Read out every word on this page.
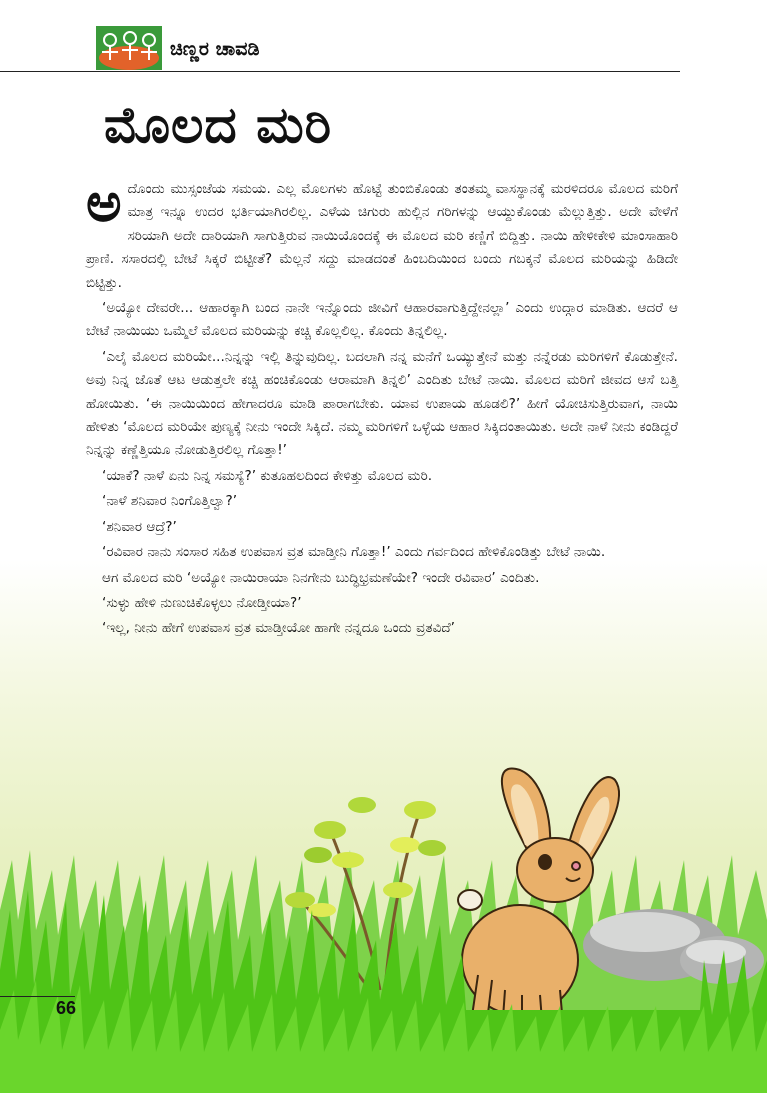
ಚಿಣ್ಣರ ಚಾವಡಿ
ಮೊಲದ ಮರಿ

ಅದೊಂದು ಮುಸ್ಸಂಜೆಯ ಸಮಯ. ಎಲ್ಲ ಮೊಲಗಳು ಹೊಟ್ಟೆ ತುಂಬಿಕೊಂಡು ತಂತಮ್ಮ ವಾಸಸ್ಥಾನಕ್ಕೆ ಮರಳಿದರೂ ಮೊಲದ ಮರಿಗೆ ಮಾತ್ರ ಇನ್ನೂ ಉದರ ಭರ್ತಿಯಾಗಿರಲಿಲ್ಲ. ಎಳೆಯ ಚಿಗುರು ಹುಲ್ಲಿನ ಗರಿಗಳನ್ನು ಆಯ್ದುಕೊಂಡು ಮೆಲ್ಲುತ್ತಿತ್ತು. ಅದೇ ವೇಳೆಗೆ ಸರಿಯಾಗಿ ಅದೇ ದಾರಿಯಾಗಿ ಸಾಗುತ್ತಿರುವ ನಾಯಿಯೊಂದಕ್ಕೆ ಈ ಮೊಲದ ಮರಿ ಕಣ್ಣಿಗೆ ಬಿದ್ದಿತ್ತು. ನಾಯಿ ಹೇಳೀಕೇಳಿ ಮಾಂಸಾಹಾರಿ ಪ್ರಾಣಿ. ಸಸಾರದಲ್ಲಿ ಬೇಟೆ ಸಿಕ್ಕರೆ ಬಿಟ್ಟೀತೆ? ಮೆಲ್ಲನೆ ಸದ್ದು ಮಾಡದಂತೆ ಹಿಂಬದಿಯಿಂದ ಬಂದು ಗಬಕ್ಕನೆ ಮೊಲದ ಮರಿಯನ್ನು ಹಿಡಿದೇ ಬಿಟ್ಟಿತ್ತು.

‘ಅಯ್ಯೋ ದೇವರೇ... ಆಹಾರಕ್ಕಾಗಿ ಬಂದ ನಾನೇ ಇನ್ನೊಂದು ಜೀವಿಗೆ ಆಹಾರವಾಗುತ್ತಿದ್ದೇನಲ್ಲಾ’ ಎಂದು ಉದ್ಗಾರ ಮಾಡಿತು. ಆದರೆ ಆ ಬೇಟೆ ನಾಯಿಯು ಒಮ್ಮೆಲೆ ಮೊಲದ ಮರಿಯನ್ನು ಕಚ್ಚಿ ಕೊಲ್ಲಲಿಲ್ಲ. ಕೊಂದು ತಿನ್ನಲಿಲ್ಲ.

‘ಎಲೈ ಮೊಲದ ಮರಿಯೇ...ನಿನ್ನನ್ನು ಇಲ್ಲಿ ತಿನ್ನುವುದಿಲ್ಲ. ಬದಲಾಗಿ ನನ್ನ ಮನೆಗೆ ಒಯ್ಯುತ್ತೇನೆ ಮತ್ತು ನನ್ನೆರಡು ಮರಿಗಳಿಗೆ ಕೊಡುತ್ತೇನೆ. ಅವು ನಿನ್ನ ಜೊತೆ ಆಟ ಆಡುತ್ತಲೇ ಕಚ್ಚಿ ಹಂಚಿಕೊಂಡು ಆರಾಮಾಗಿ ತಿನ್ನಲಿ’ ಎಂದಿತು ಬೇಟೆ ನಾಯಿ. ಮೊಲದ ಮರಿಗೆ ಜೀವದ ಆಸೆ ಬತ್ತಿ ಹೋಯಿತು. ‘ಈ ನಾಯಿಯಿಂದ ಹೇಗಾದರೂ ಮಾಡಿ ಪಾರಾಗಬೇಕು. ಯಾವ ಉಪಾಯ ಹೂಡಲಿ?’ ಹೀಗೆ ಯೋಚಿಸುತ್ತಿರುವಾಗ, ನಾಯಿ ಹೇಳಿತು ‘ಮೊಲದ ಮರಿಯೇ ಪುಣ್ಯಕ್ಕೆ ನೀನು ಇಂದೇ ಸಿಕ್ಕಿದೆ. ನಮ್ಮ ಮರಿಗಳಿಗೆ ಒಳ್ಳೆಯ ಆಹಾರ ಸಿಕ್ಕಿದಂತಾಯಿತು. ಅದೇ ನಾಳೆ ನೀನು ಕಂಡಿದ್ದರೆ ನಿನ್ನನ್ನು ಕಣ್ಣೆತ್ತಿಯೂ ನೋಡುತ್ತಿರಲಿಲ್ಲ ಗೊತ್ತಾ!’

‘ಯಾಕೆ? ನಾಳೆ ಏನು ನಿನ್ನ ಸಮಸ್ಯೆ?’ ಕುತೂಹಲದಿಂದ ಕೇಳಿತ್ತು ಮೊಲದ ಮರಿ.

‘ನಾಳೆ ಶನಿವಾರ ನಿಂಗೊತ್ತಿಲ್ವಾ?’

‘ಶನಿವಾರ ಆದ್ರೆ?’

‘ರವಿವಾರ ನಾನು ಸಂಸಾರ ಸಹಿತ ಉಪವಾಸ ವ್ರತ ಮಾಡ್ತೀನಿ ಗೊತ್ತಾ!’ ಎಂದು ಗರ್ವದಿಂದ ಹೇಳಿಕೊಂಡಿತ್ತು ಬೇಟೆ ನಾಯಿ.

ಆಗ ಮೊಲದ ಮರಿ ‘ಅಯ್ಯೋ ನಾಯಿರಾಯಾ ನಿನಗೇನು ಬುದ್ಧಿಭ್ರಮಣೆಯೇ? ಇಂದೇ ರವಿವಾರ’ ಎಂದಿತು.

‘ಸುಳ್ಳು ಹೇಳಿ ನುಣುಚಿಕೊಳ್ಳಲು ನೋಡ್ತೀಯಾ?’

‘ಇಲ್ಲ, ನೀನು ಹೇಗೆ ಉಪವಾಸ ವ್ರತ ಮಾಡ್ತೀಯೋ ಹಾಗೇ ನನ್ನದೂ ಒಂದು ವ್ರತವಿದೆ’

66
